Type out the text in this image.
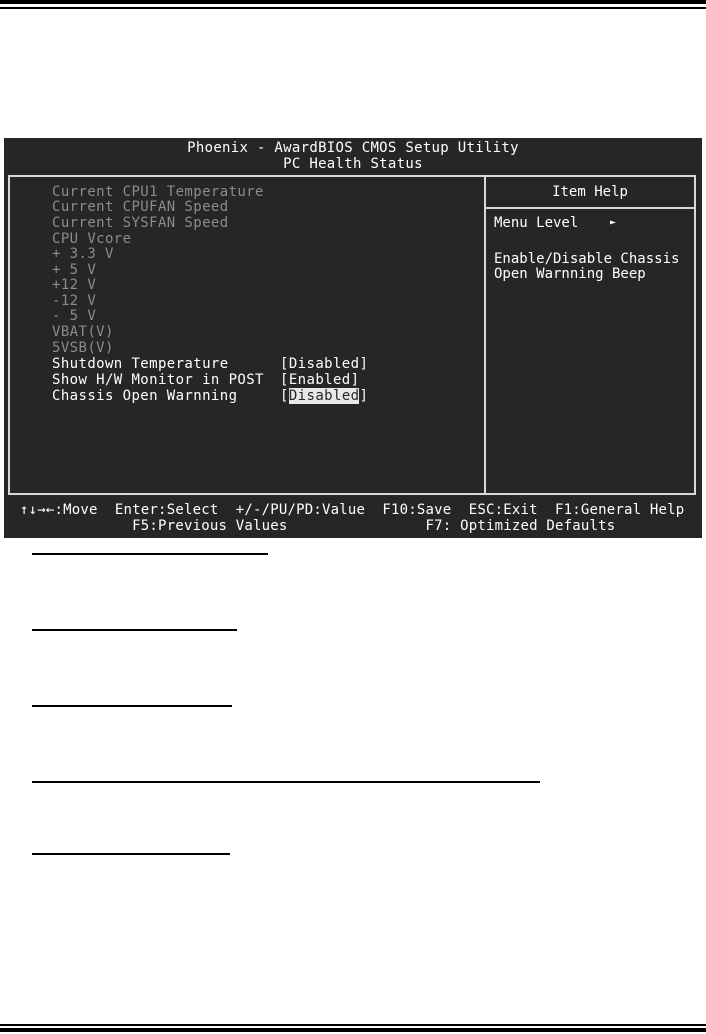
Phoenix - AwardBIOS CMOS Setup Utility
PC Health Status
Item Help
Menu Level	►
Enable/Disable Chassis
Open Warnning Beep
Current CPU1 Temperature
Current CPUFAN Speed
Current SYSFAN Speed
CPU Vcore
+ 3.3 V
+ 5 V
+12 V
-12 V
- 5 V
VBAT(V)
5VSB(V)
Shutdown Temperature	[Disabled]
Show H/W Monitor in POST [Enabled]
Chassis Open Warnning	[Disabled]
↑↓→←:Move  Enter:Select  +/-/PU/PD:Value  F10:Save  ESC:Exit  F1:General Help
F5:Previous Values                F7: Optimized Defaults
